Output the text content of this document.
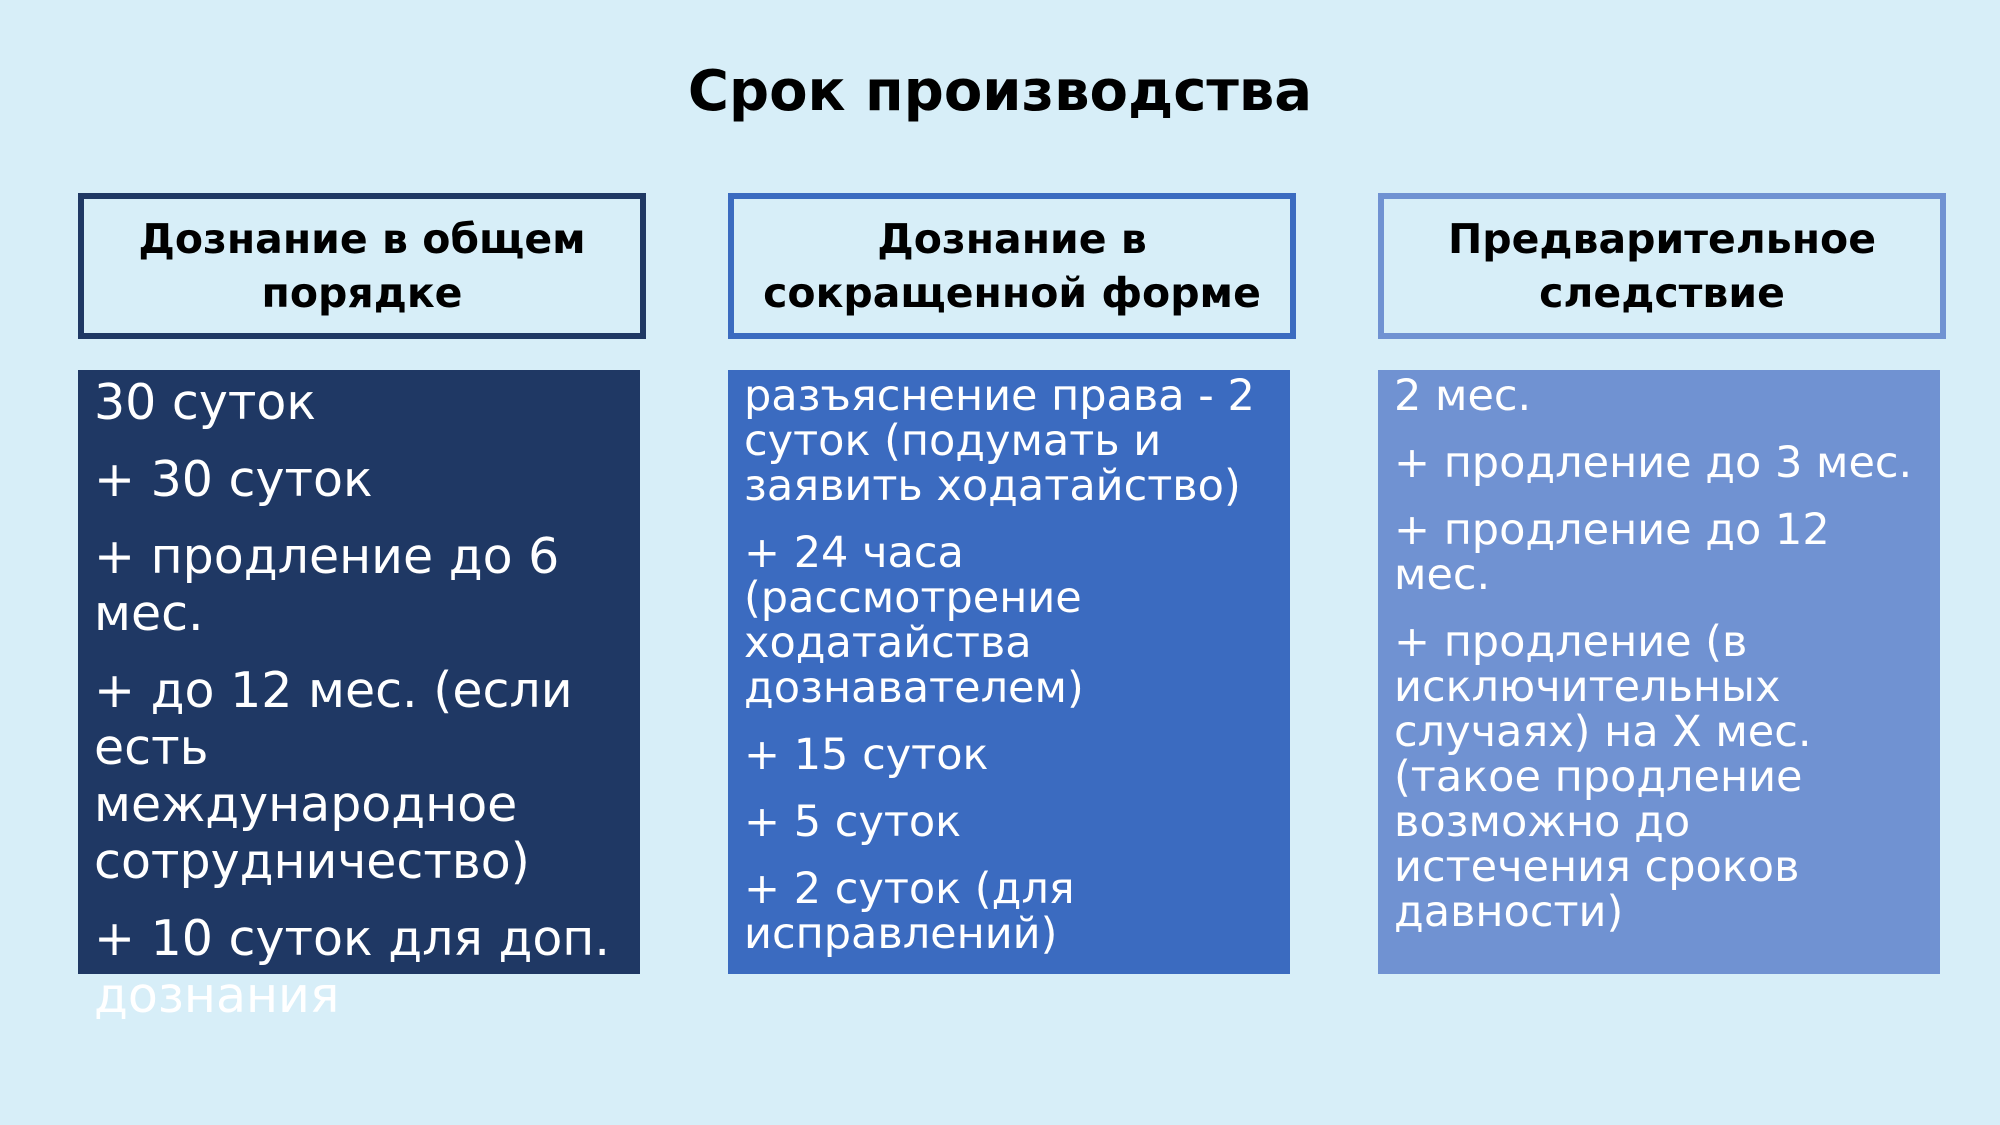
Срок производства
Дознание в общем порядке

30 суток

+ 30 суток

+ продление до 6 мес.

+ до 12 мес. (если есть международное сотрудничество)

+ 10 суток для доп. дознания

Дознание в сокращенной форме

разъяснение права - 2 суток (подумать и заявить ходатайство)

+ 24 часа (рассмотрение ходатайства дознавателем)

+ 15 суток

+ 5 суток

+ 2 суток (для исправлений)

Предварительное следствие

2 мес.

+ продление до 3 мес.

+ продление до 12 мес.

+ продление (в исключительных случаях) на Х мес. (такое продление возможно до истечения сроков давности)
